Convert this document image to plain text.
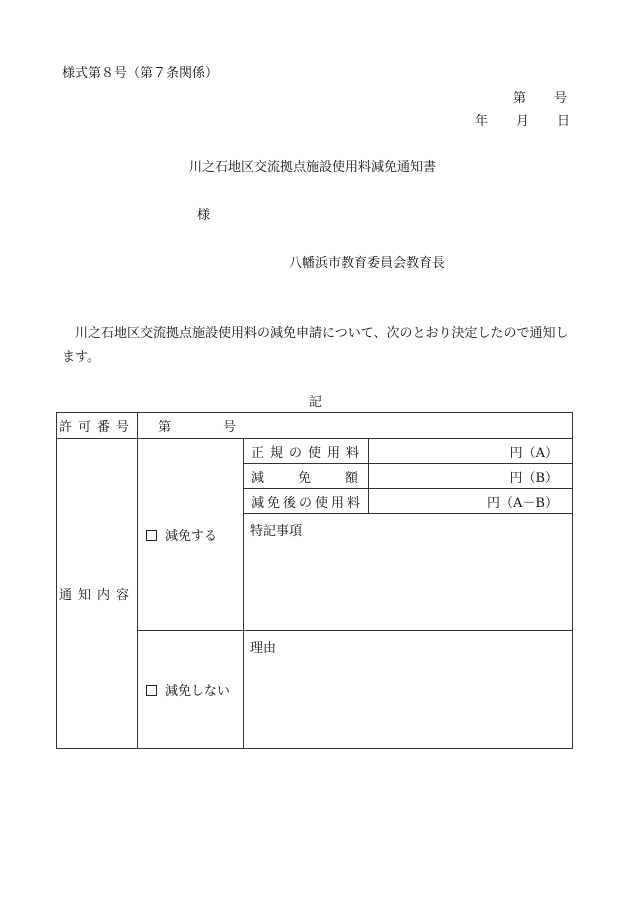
様式第８号（第７条関係）
第 号
年 月 日
川之石地区交流拠点施設使用料減免通知書
様
八幡浜市教育委員会教育長
川之石地区交流拠点施設使用料の減免申請について、次のとおり決定したので通知します。
記
許可番号	第 号		
通知内容	減免する	正規の使用料	円（A）

		減 免 額	円（B）
		減免後の使用料	円（A－B）
		特記事項	
	減免しない	理由	
